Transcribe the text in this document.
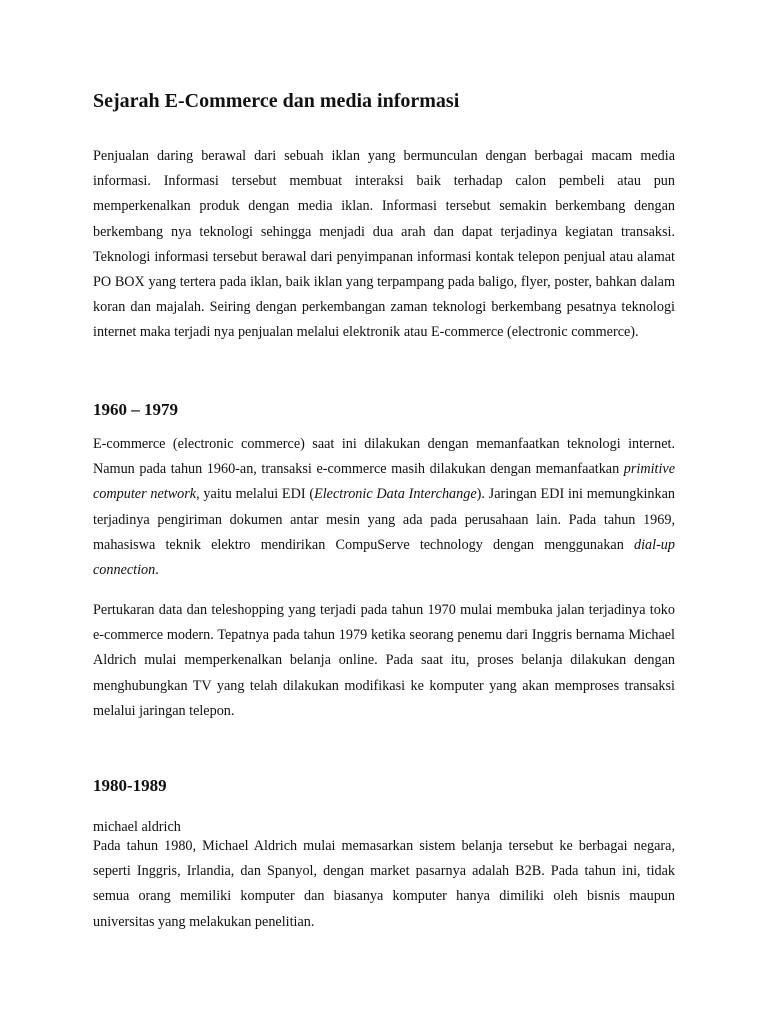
Sejarah E-Commerce dan media informasi

Penjualan daring berawal dari sebuah iklan yang bermunculan dengan berbagai macam media informasi. Informasi tersebut membuat interaksi baik terhadap calon pembeli atau pun memperkenalkan produk dengan media iklan. Informasi tersebut semakin berkembang dengan berkembang nya teknologi sehingga menjadi dua arah dan dapat terjadinya kegiatan transaksi. Teknologi informasi tersebut berawal dari penyimpanan informasi kontak telepon penjual atau alamat PO BOX yang tertera pada iklan, baik iklan yang terpampang pada baligo, flyer, poster, bahkan dalam koran dan majalah. Seiring dengan perkembangan zaman teknologi berkembang pesatnya teknologi internet maka terjadi nya penjualan melalui elektronik atau E-commerce (electronic commerce).

1960 – 1979

E-commerce (electronic commerce) saat ini dilakukan dengan memanfaatkan teknologi internet. Namun pada tahun 1960-an, transaksi e-commerce masih dilakukan dengan memanfaatkan primitive computer network, yaitu melalui EDI (Electronic Data Interchange). Jaringan EDI ini memungkinkan terjadinya pengiriman dokumen antar mesin yang ada pada perusahaan lain. Pada tahun 1969, mahasiswa teknik elektro mendirikan CompuServe technology dengan menggunakan dial-up connection.

Pertukaran data dan teleshopping yang terjadi pada tahun 1970 mulai membuka jalan terjadinya toko e-commerce modern. Tepatnya pada tahun 1979 ketika seorang penemu dari Inggris bernama Michael Aldrich mulai memperkenalkan belanja online. Pada saat itu, proses belanja dilakukan dengan menghubungkan TV yang telah dilakukan modifikasi ke komputer yang akan memproses transaksi melalui jaringan telepon.

1980-1989
michael aldrich

Pada tahun 1980, Michael Aldrich mulai memasarkan sistem belanja tersebut ke berbagai negara, seperti Inggris, Irlandia, dan Spanyol, dengan market pasarnya adalah B2B. Pada tahun ini, tidak semua orang memiliki komputer dan biasanya komputer hanya dimiliki oleh bisnis maupun universitas yang melakukan penelitian.
